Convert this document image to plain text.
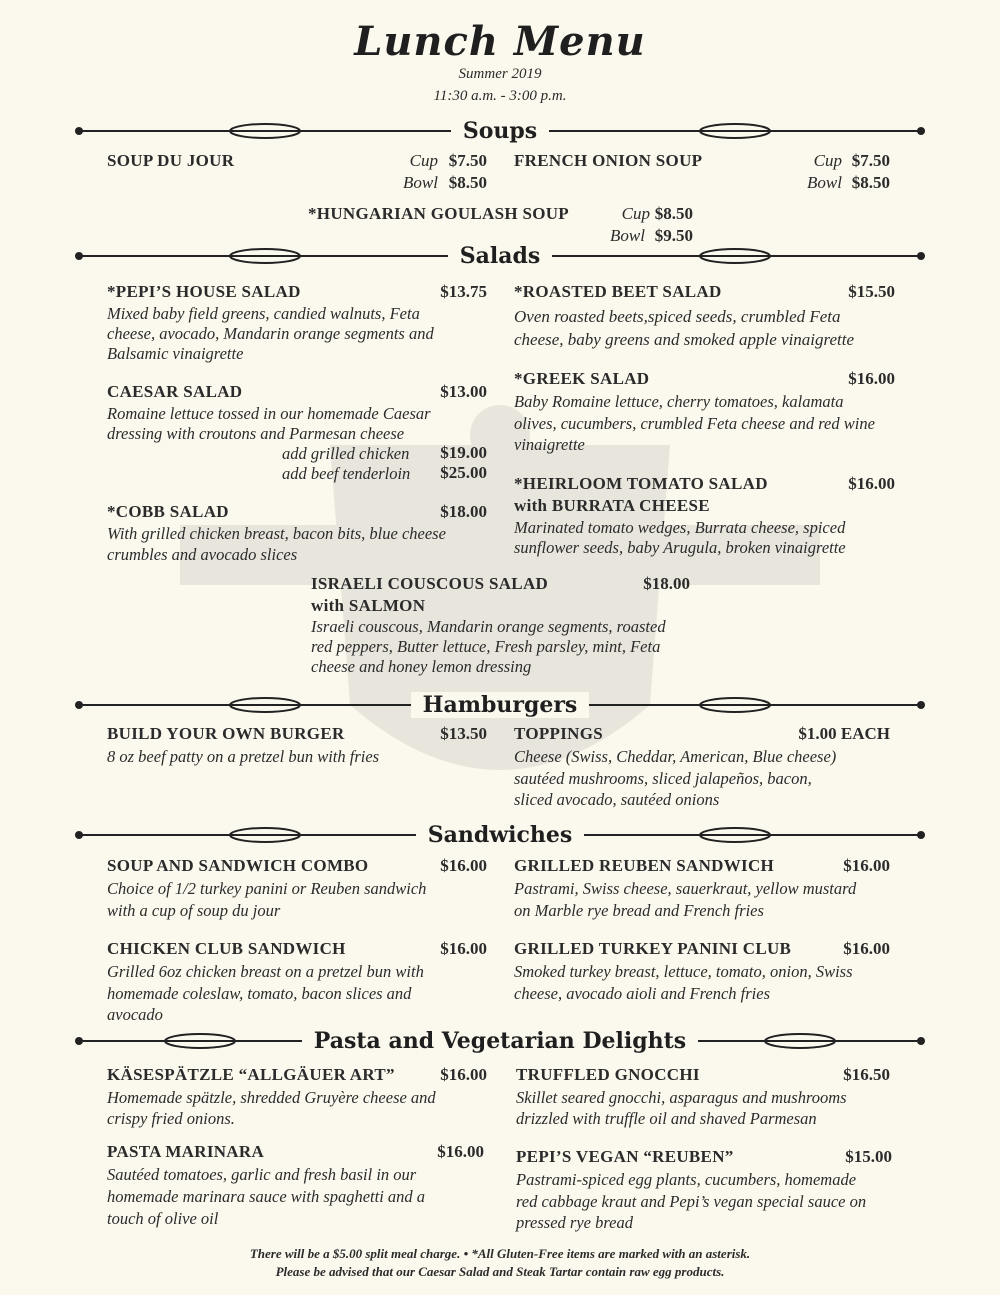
Lunch Menu
Summer 2019
11:30 a.m. - 3:00 p.m.
Soups
SOUP DU JOUR	Cup $7.50
Bowl $8.50
FRENCH ONION SOUP	Cup $7.50
Bowl $8.50
*HUNGARIAN GOULASH SOUP	Cup $8.50
Bowl $9.50
Salads
*PEPI’S HOUSE SALAD	$13.75
Mixed baby field greens, candied walnuts, Feta
cheese, avocado, Mandarin orange segments and
Balsamic vinaigrette
CAESAR SALAD	$13.00
Romaine lettuce tossed in our homemade Caesar
dressing with croutons and Parmesan cheese
add grilled chicken	$19.00
add beef tenderloin	$25.00
*COBB SALAD	$18.00
With grilled chicken breast, bacon bits, blue cheese
crumbles and avocado slices
*ROASTED BEET SALAD	$15.50
Oven roasted beets,spiced seeds, crumbled Feta
cheese, baby greens and smoked apple vinaigrette
*GREEK SALAD	$16.00
Baby Romaine lettuce, cherry tomatoes, kalamata
olives, cucumbers, crumbled Feta cheese and red wine
vinaigrette
*HEIRLOOM TOMATO SALAD
with BURRATA CHEESE
$16.00
Marinated tomato wedges, Burrata cheese, spiced
sunflower seeds, baby Arugula, broken vinaigrette
ISRAELI COUSCOUS SALAD
with SALMON
$18.00
Israeli couscous, Mandarin orange segments, roasted
red peppers, Butter lettuce, Fresh parsley, mint, Feta
cheese and honey lemon dressing
Hamburgers
BUILD YOUR OWN BURGER	$13.50
8 oz beef patty on a pretzel bun with fries
TOPPINGS	$1.00 EACH
Cheese (Swiss, Cheddar, American, Blue cheese)
sautéed mushrooms, sliced jalapeños, bacon,
sliced avocado, sautéed onions
Sandwiches
SOUP AND SANDWICH COMBO	$16.00
Choice of 1/2 turkey panini or Reuben sandwich
with a cup of soup du jour
CHICKEN CLUB SANDWICH	$16.00
Grilled 6oz chicken breast on a pretzel bun with
homemade coleslaw, tomato, bacon slices and
avocado
GRILLED REUBEN SANDWICH	$16.00
Pastrami, Swiss cheese, sauerkraut, yellow mustard
on Marble rye bread and French fries
GRILLED TURKEY PANINI CLUB	$16.00
Smoked turkey breast, lettuce, tomato, onion, Swiss
cheese, avocado aioli and French fries
Pasta and Vegetarian Delights
KÄSESPÄTZLE “ALLGÄUER ART”	$16.00
Homemade spätzle, shredded Gruyère cheese and
crispy fried onions.
PASTA MARINARA	$16.00
Sautéed tomatoes, garlic and fresh basil in our
homemade marinara sauce with spaghetti and a
touch of olive oil
TRUFFLED GNOCCHI	$16.50
Skillet seared gnocchi, asparagus and mushrooms
drizzled with truffle oil and shaved Parmesan
PEPI’S VEGAN “REUBEN”	$15.00
Pastrami-spiced egg plants, cucumbers, homemade
red cabbage kraut and Pepi’s vegan special sauce on
pressed rye bread
There will be a $5.00 split meal charge. • *All Gluten-Free items are marked with an asterisk.
Please be advised that our Caesar Salad and Steak Tartar contain raw egg products.
